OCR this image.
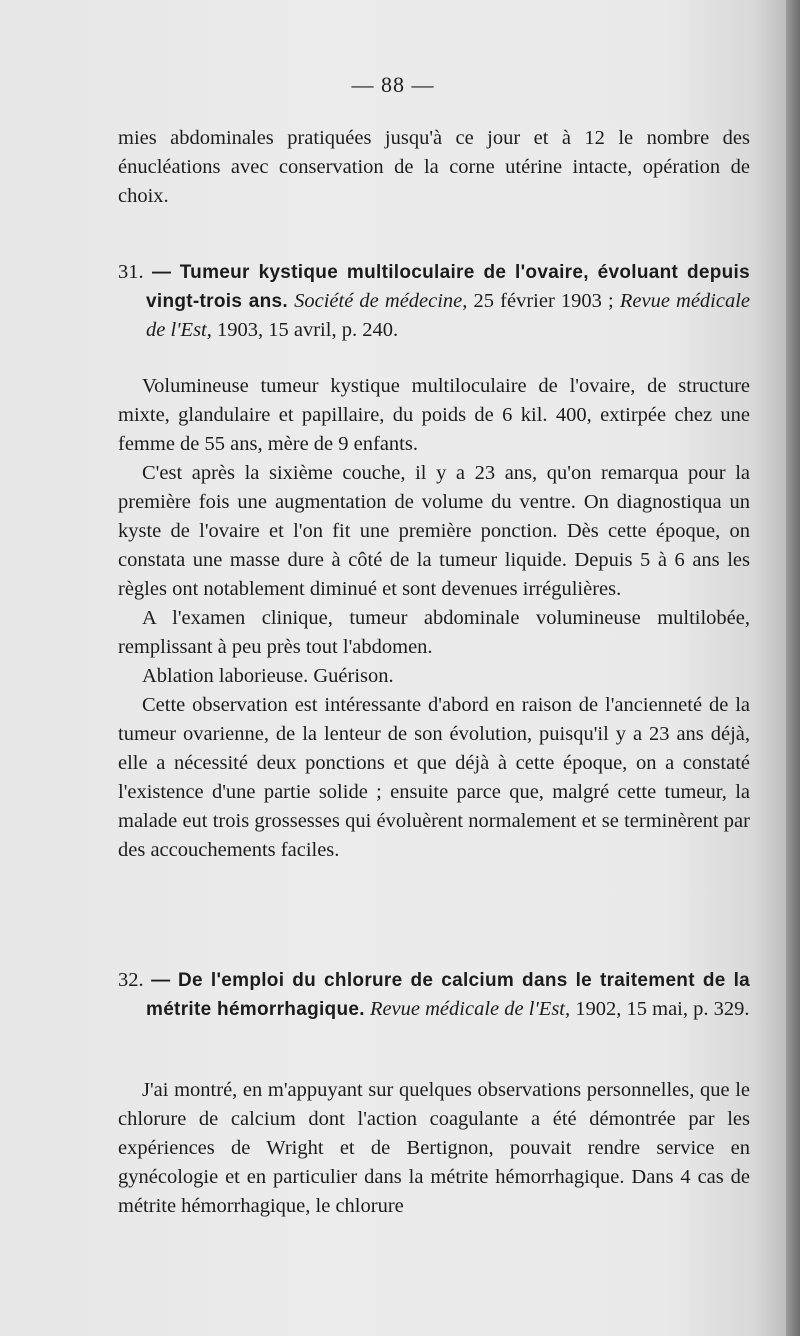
— 88 —

mies abdominales pratiquées jusqu'à ce jour et à 12 le nombre des énucléations avec conservation de la corne utérine intacte, opération de choix.

31. — Tumeur kystique multiloculaire de l'ovaire, évoluant depuis vingt-trois ans. Société de médecine, 25 février 1903 ; Revue médicale de l'Est, 1903, 15 avril, p. 240.

Volumineuse tumeur kystique multiloculaire de l'ovaire, de structure mixte, glandulaire et papillaire, du poids de 6 kil. 400, extirpée chez une femme de 55 ans, mère de 9 enfants.

C'est après la sixième couche, il y a 23 ans, qu'on remarqua pour la première fois une augmentation de volume du ventre. On diagnostiqua un kyste de l'ovaire et l'on fit une première ponction. Dès cette époque, on constata une masse dure à côté de la tumeur liquide. Depuis 5 à 6 ans les règles ont notablement diminué et sont devenues irrégulières.

A l'examen clinique, tumeur abdominale volumineuse multilobée, remplissant à peu près tout l'abdomen.

Ablation laborieuse. Guérison.

Cette observation est intéressante d'abord en raison de l'ancienneté de la tumeur ovarienne, de la lenteur de son évolution, puisqu'il y a 23 ans déjà, elle a nécessité deux ponctions et que déjà à cette époque, on a constaté l'existence d'une partie solide ; ensuite parce que, malgré cette tumeur, la malade eut trois grossesses qui évoluèrent normalement et se terminèrent par des accouchements faciles.

32. — De l'emploi du chlorure de calcium dans le traitement de la métrite hémorrhagique. Revue médicale de l'Est, 1902, 15 mai, p. 329.

J'ai montré, en m'appuyant sur quelques observations personnelles, que le chlorure de calcium dont l'action coagulante a été démontrée par les expériences de Wright et de Bertignon, pouvait rendre service en gynécologie et en particulier dans la métrite hémorrhagique. Dans 4 cas de métrite hémorrhagique, le chlorure
